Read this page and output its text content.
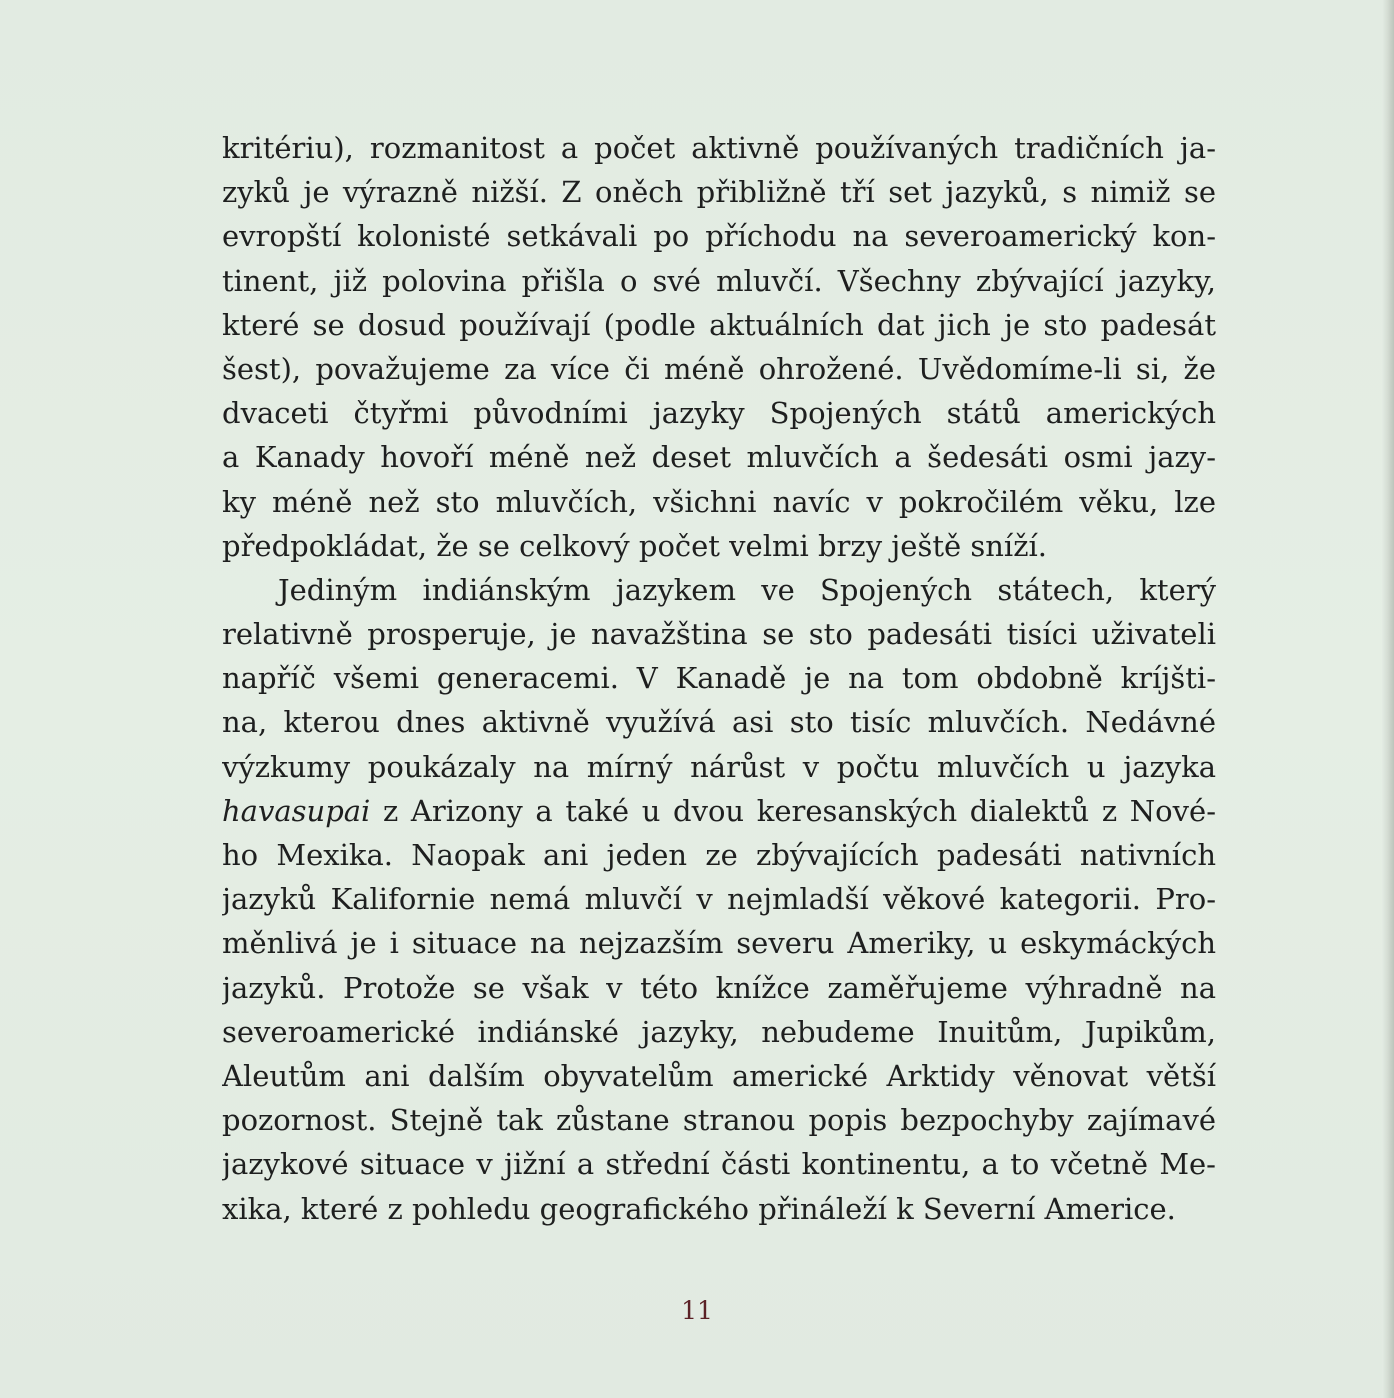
kritériu), rozmanitost a počet aktivně používaných tradičních ja-
zyků je výrazně nižší. Z oněch přibližně tří set jazyků, s nimiž se
evropští kolonisté setkávali po příchodu na severoamerický kon-
tinent, již polovina přišla o své mluvčí. Všechny zbývající jazyky,
které se dosud používají (podle aktuálních dat jich je sto padesát
šest), považujeme za více či méně ohrožené. Uvědomíme-li si, že
dvaceti čtyřmi původními jazyky Spojených států amerických
a Kanady hovoří méně než deset mluvčích a šedesáti osmi jazy-
ky méně než sto mluvčích, všichni navíc v pokročilém věku, lze
předpokládat, že se celkový počet velmi brzy ještě sníží.
Jediným indiánským jazykem ve Spojených státech, který
relativně prosperuje, je navažština se sto padesáti tisíci uživateli
napříč všemi generacemi. V Kanadě je na tom obdobně kríjšti-
na, kterou dnes aktivně využívá asi sto tisíc mluvčích. Nedávné
výzkumy poukázaly na mírný nárůst v počtu mluvčích u jazyka
havasupai z Arizony a také u dvou keresanských dialektů z Nové-
ho Mexika. Naopak ani jeden ze zbývajících padesáti nativních
jazyků Kalifornie nemá mluvčí v nejmladší věkové kategorii. Pro-
měnlivá je i situace na nejzazším severu Ameriky, u eskymáckých
jazyků. Protože se však v této knížce zaměřujeme výhradně na
severoamerické indiánské jazyky, nebudeme Inuitům, Jupikům,
Aleutům ani dalším obyvatelům americké Arktidy věnovat větší
pozornost. Stejně tak zůstane stranou popis bezpochyby zajímavé
jazykové situace v jižní a střední části kontinentu, a to včetně Me-
xika, které z pohledu geografického přináleží k Severní Americe.
11
